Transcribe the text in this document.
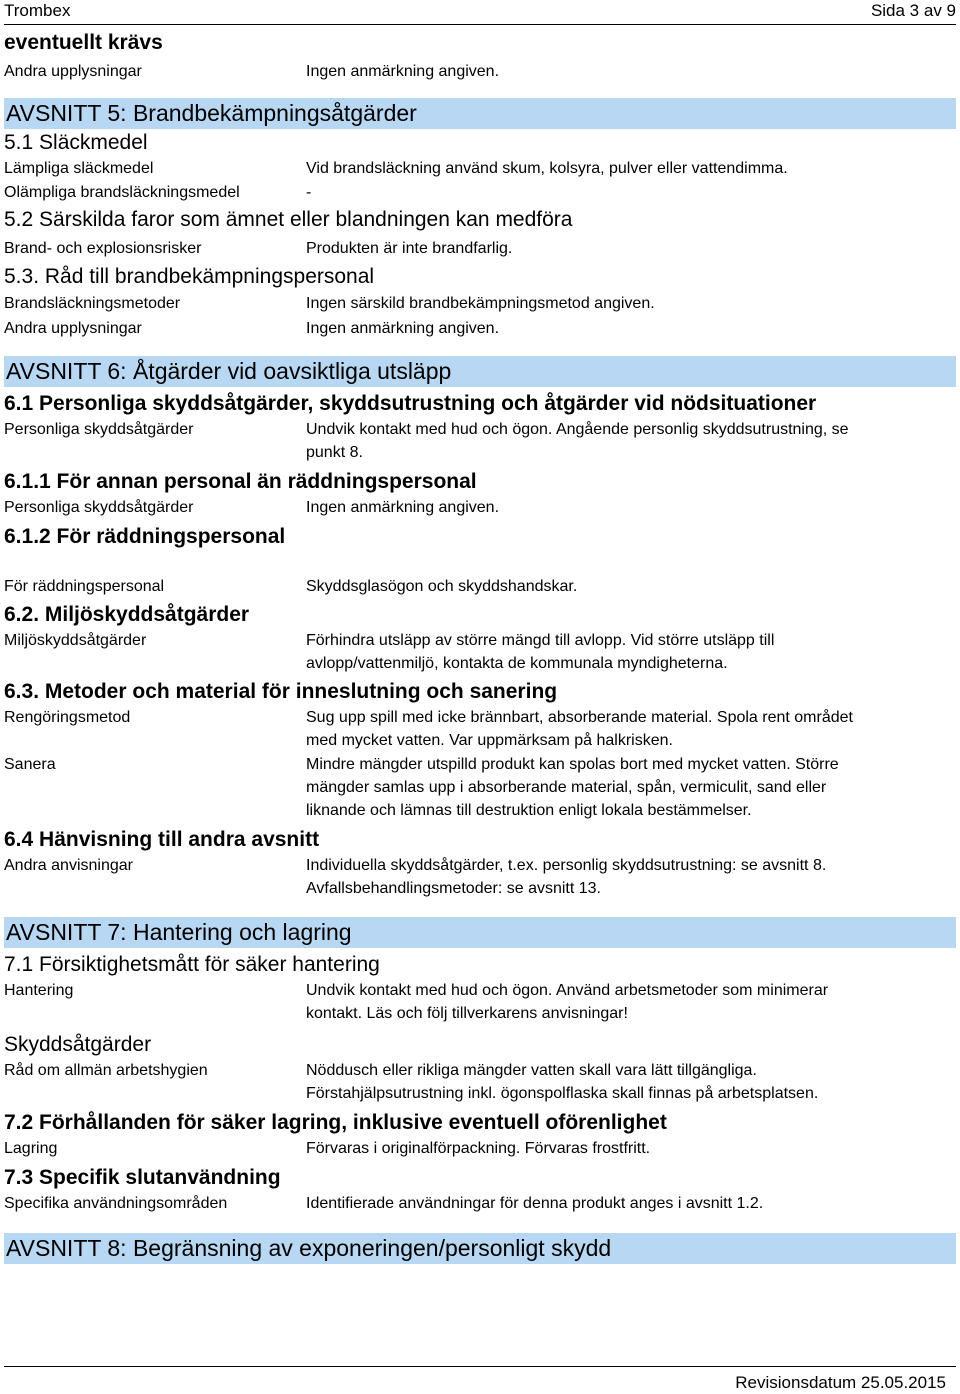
Trombex	Sida 3 av 9
eventuellt krävs
Andra upplysningar	Ingen anmärkning angiven.
AVSNITT 5: Brandbekämpningsåtgärder
5.1 Släckmedel
Lämpliga släckmedel	Vid brandsläckning använd skum, kolsyra, pulver eller vattendimma.
Olämpliga brandsläckningsmedel	-
5.2 Särskilda faror som ämnet eller blandningen kan medföra
Brand- och explosionsrisker	Produkten är inte brandfarlig.
5.3. Råd till brandbekämpningspersonal
Brandsläckningsmetoder	Ingen särskild brandbekämpningsmetod angiven.
Andra upplysningar	Ingen anmärkning angiven.
AVSNITT 6: Åtgärder vid oavsiktliga utsläpp
6.1 Personliga skyddsåtgärder, skyddsutrustning och åtgärder vid nödsituationer
Personliga skyddsåtgärder	Undvik kontakt med hud och ögon. Angående personlig skyddsutrustning, se
punkt 8.
6.1.1 För annan personal än räddningspersonal
Personliga skyddsåtgärder	Ingen anmärkning angiven.
6.1.2 För räddningspersonal
För räddningspersonal	Skyddsglasögon och skyddshandskar.
6.2. Miljöskyddsåtgärder
Miljöskyddsåtgärder	Förhindra utsläpp av större mängd till avlopp. Vid större utsläpp till
avlopp/vattenmiljö, kontakta de kommunala myndigheterna.
6.3. Metoder och material för inneslutning och sanering
Rengöringsmetod	Sug upp spill med icke brännbart, absorberande material. Spola rent området
med mycket vatten. Var uppmärksam på halkrisken.
Sanera	Mindre mängder utspilld produkt kan spolas bort med mycket vatten. Större
mängder samlas upp i absorberande material, spån, vermiculit, sand eller
liknande och lämnas till destruktion enligt lokala bestämmelser.
6.4 Hänvisning till andra avsnitt
Andra anvisningar	Individuella skyddsåtgärder, t.ex. personlig skyddsutrustning: se avsnitt 8.
Avfallsbehandlingsmetoder: se avsnitt 13.
AVSNITT 7: Hantering och lagring
7.1 Försiktighetsmått för säker hantering
Hantering	Undvik kontakt med hud och ögon. Använd arbetsmetoder som minimerar
kontakt. Läs och följ tillverkarens anvisningar!
Skyddsåtgärder
Råd om allmän arbetshygien	Nöddusch eller rikliga mängder vatten skall vara lätt tillgängliga.
Förstahjälpsutrustning inkl. ögonspolflaska skall finnas på arbetsplatsen.
7.2 Förhållanden för säker lagring, inklusive eventuell oförenlighet
Lagring	Förvaras i originalförpackning. Förvaras frostfritt.
7.3 Specifik slutanvändning
Specifika användningsområden	Identifierade användningar för denna produkt anges i avsnitt 1.2.
AVSNITT 8: Begränsning av exponeringen/personligt skydd
Revisionsdatum 25.05.2015
